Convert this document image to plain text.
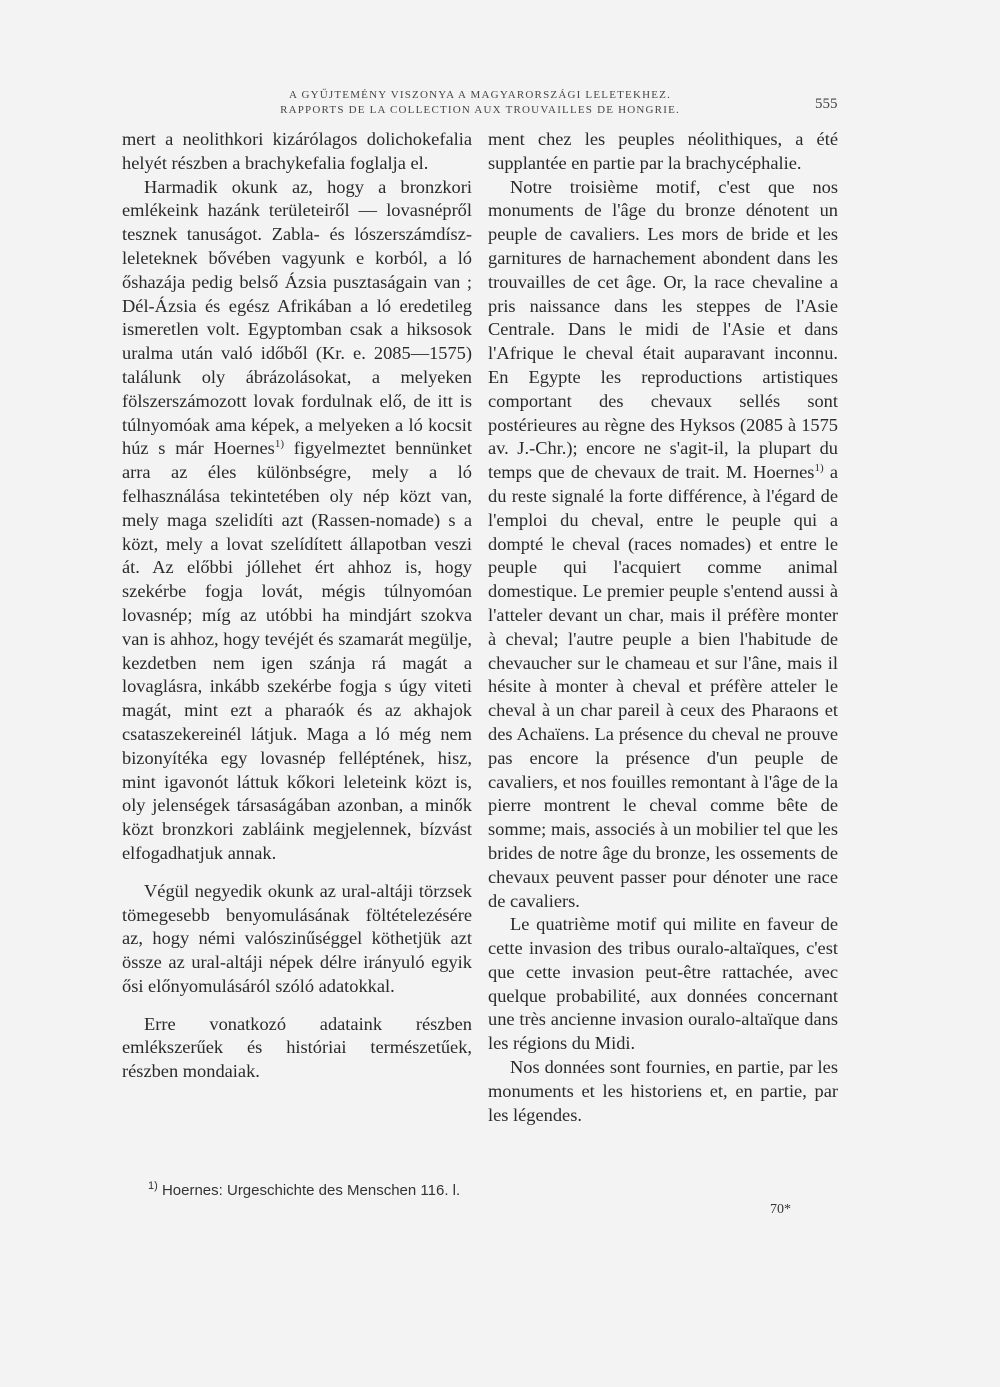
A GYŰJTEMÉNY VISZONYA A MAGYARORSZÁGI LELETEKHEZ.
RAPPORTS DE LA COLLECTION AUX TROUVAILLES DE HONGRIE.	555

mert a neolithkori kizárólagos dolichokefalia helyét részben a brachykefalia foglalja el.

Harmadik okunk az, hogy a bronzkori emlékeink hazánk területeiről — lovasnépről tesznek tanuságot. Zabla- és lószerszámdísz-leleteknek bővében vagyunk e korból, a ló őshazája pedig belső Ázsia pusztaságain van ; Dél-Ázsia és egész Afrikában a ló eredetileg ismeretlen volt. Egyptomban csak a hiksosok uralma után való időből (Kr. e. 2085—1575) találunk oly ábrázolásokat, a melyeken fölszerszámozott lovak fordulnak elő, de itt is túlnyomóak ama képek, a melyeken a ló kocsit húz s már Hoernes$^{1)}$ figyelmeztet bennünket arra az éles különbségre, mely a ló felhasználása tekintetében oly nép közt van, mely maga szelidíti azt (Rassen-nomade) s a közt, mely a lovat szelídített állapotban veszi át. Az előbbi jóllehet ért ahhoz is, hogy szekérbe fogja lovát, mégis túlnyomóan lovasnép; míg az utóbbi ha mindjárt szokva van is ahhoz, hogy tevéjét és szamarát megülje, kezdetben nem igen szánja rá magát a lovaglásra, inkább szekérbe fogja s úgy viteti magát, mint ezt a pharaók és az akhajok csataszekereinél látjuk. Maga a ló még nem bizonyítéka egy lovasnép felléptének, hisz, mint igavonót láttuk kőkori leleteink közt is, oly jelenségek társaságában azonban, a minők közt bronzkori zabláink megjelennek, bízvást elfogadhatjuk annak.

Végül negyedik okunk az ural-altáji törzsek tömegesebb benyomulásának föltételezésére az, hogy némi valószinűséggel köthetjük azt össze az ural-altáji népek délre irányuló egyik ősi előnyomulásáról szóló adatokkal.

Erre vonatkozó adataink részben emlékszerűek és históriai természetűek, részben mondaiak.

ment chez les peuples néolithiques, a été supplantée en partie par la brachycéphalie.

Notre troisième motif, c'est que nos monuments de l'âge du bronze dénotent un peuple de cavaliers. Les mors de bride et les garnitures de harnachement abondent dans les trouvailles de cet âge. Or, la race chevaline a pris naissance dans les steppes de l'Asie Centrale. Dans le midi de l'Asie et dans l'Afrique le cheval était auparavant inconnu. En Egypte les reproductions artistiques comportant des chevaux sellés sont postérieures au règne des Hyksos (2085 à 1575 av. J.-Chr.); encore ne s'agit-il, la plupart du temps que de chevaux de trait. M. Hoernes$^{1)}$ a du reste signalé la forte différence, à l'égard de l'emploi du cheval, entre le peuple qui a dompté le cheval (races nomades) et entre le peuple qui l'acquiert comme animal domestique. Le premier peuple s'entend aussi à l'atteler devant un char, mais il préfère monter à cheval; l'autre peuple a bien l'habitude de chevaucher sur le chameau et sur l'âne, mais il hésite à monter à cheval et préfère atteler le cheval à un char pareil à ceux des Pharaons et des Achaïens. La présence du cheval ne prouve pas encore la présence d'un peuple de cavaliers, et nos fouilles remontant à l'âge de la pierre montrent le cheval comme bête de somme; mais, associés à un mobilier tel que les brides de notre âge du bronze, les ossements de chevaux peuvent passer pour dénoter une race de cavaliers.

Le quatrième motif qui milite en faveur de cette invasion des tribus ouralo-altaïques, c'est que cette invasion peut-être rattachée, avec quelque probabilité, aux données concernant une très ancienne invasion ouralo-altaïque dans les régions du Midi.

Nos données sont fournies, en partie, par les monuments et les historiens et, en partie, par les légendes.

$^{1)}$ Hoernes: Urgeschichte des Menschen 116. l.
70*
